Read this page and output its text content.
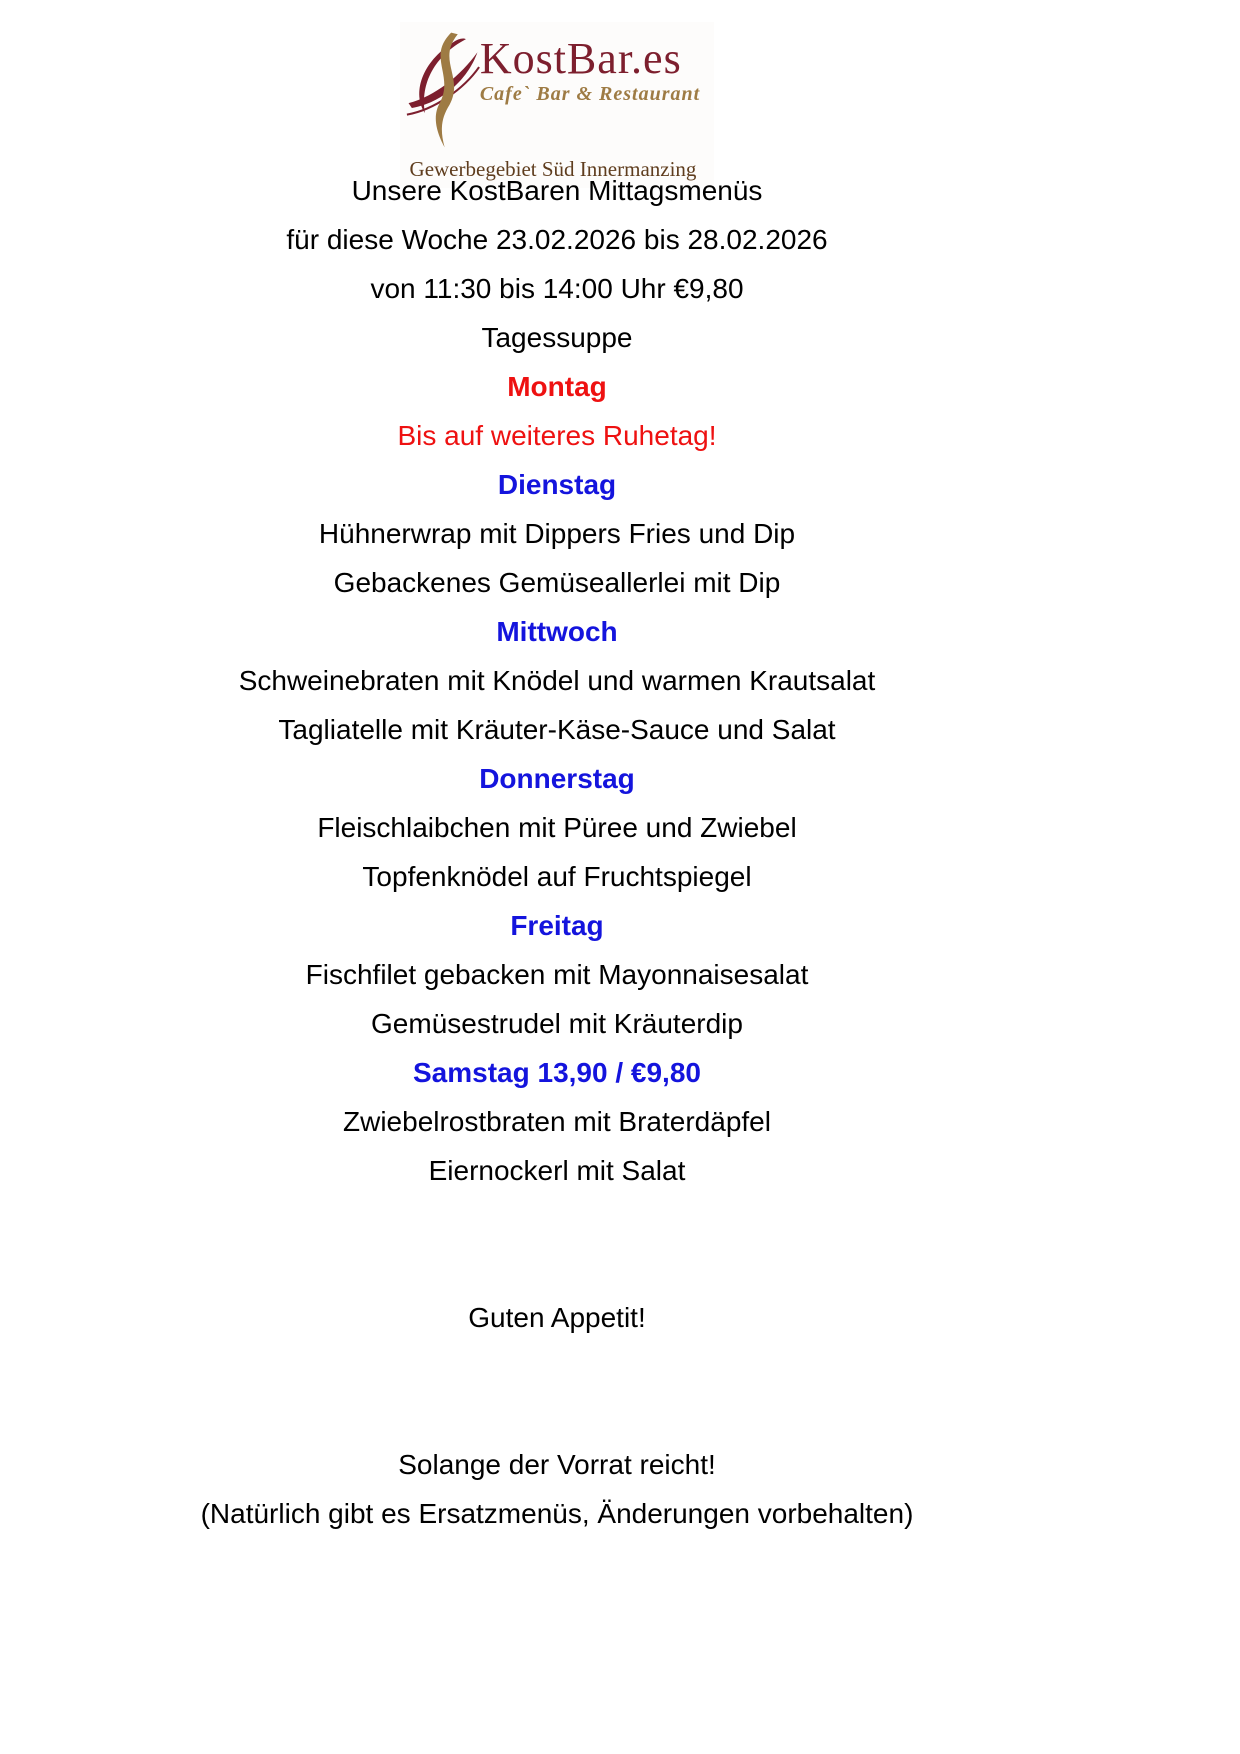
KostBar.es
Cafe` Bar & Restaurant
Gewerbegebiet Süd Innermanzing
Unsere KostBaren Mittagsmenüs
für diese Woche 23.02.2026 bis 28.02.2026
von 11:30 bis 14:00 Uhr €9,80
Tagessuppe
Montag
Bis auf weiteres Ruhetag!
Dienstag
Hühnerwrap mit Dippers Fries und Dip
Gebackenes Gemüseallerlei mit Dip
Mittwoch
Schweinebraten mit Knödel und warmen Krautsalat
Tagliatelle mit Kräuter-Käse-Sauce und Salat
Donnerstag
Fleischlaibchen mit Püree und Zwiebel
Topfenknödel auf Fruchtspiegel
Freitag
Fischfilet gebacken mit Mayonnaisesalat
Gemüsestrudel mit Kräuterdip
Samstag 13,90 / €9,80
Zwiebelrostbraten mit Braterdäpfel
Eiernockerl mit Salat
Guten Appetit!
Solange der Vorrat reicht!
(Natürlich gibt es Ersatzmenüs, Änderungen vorbehalten)
